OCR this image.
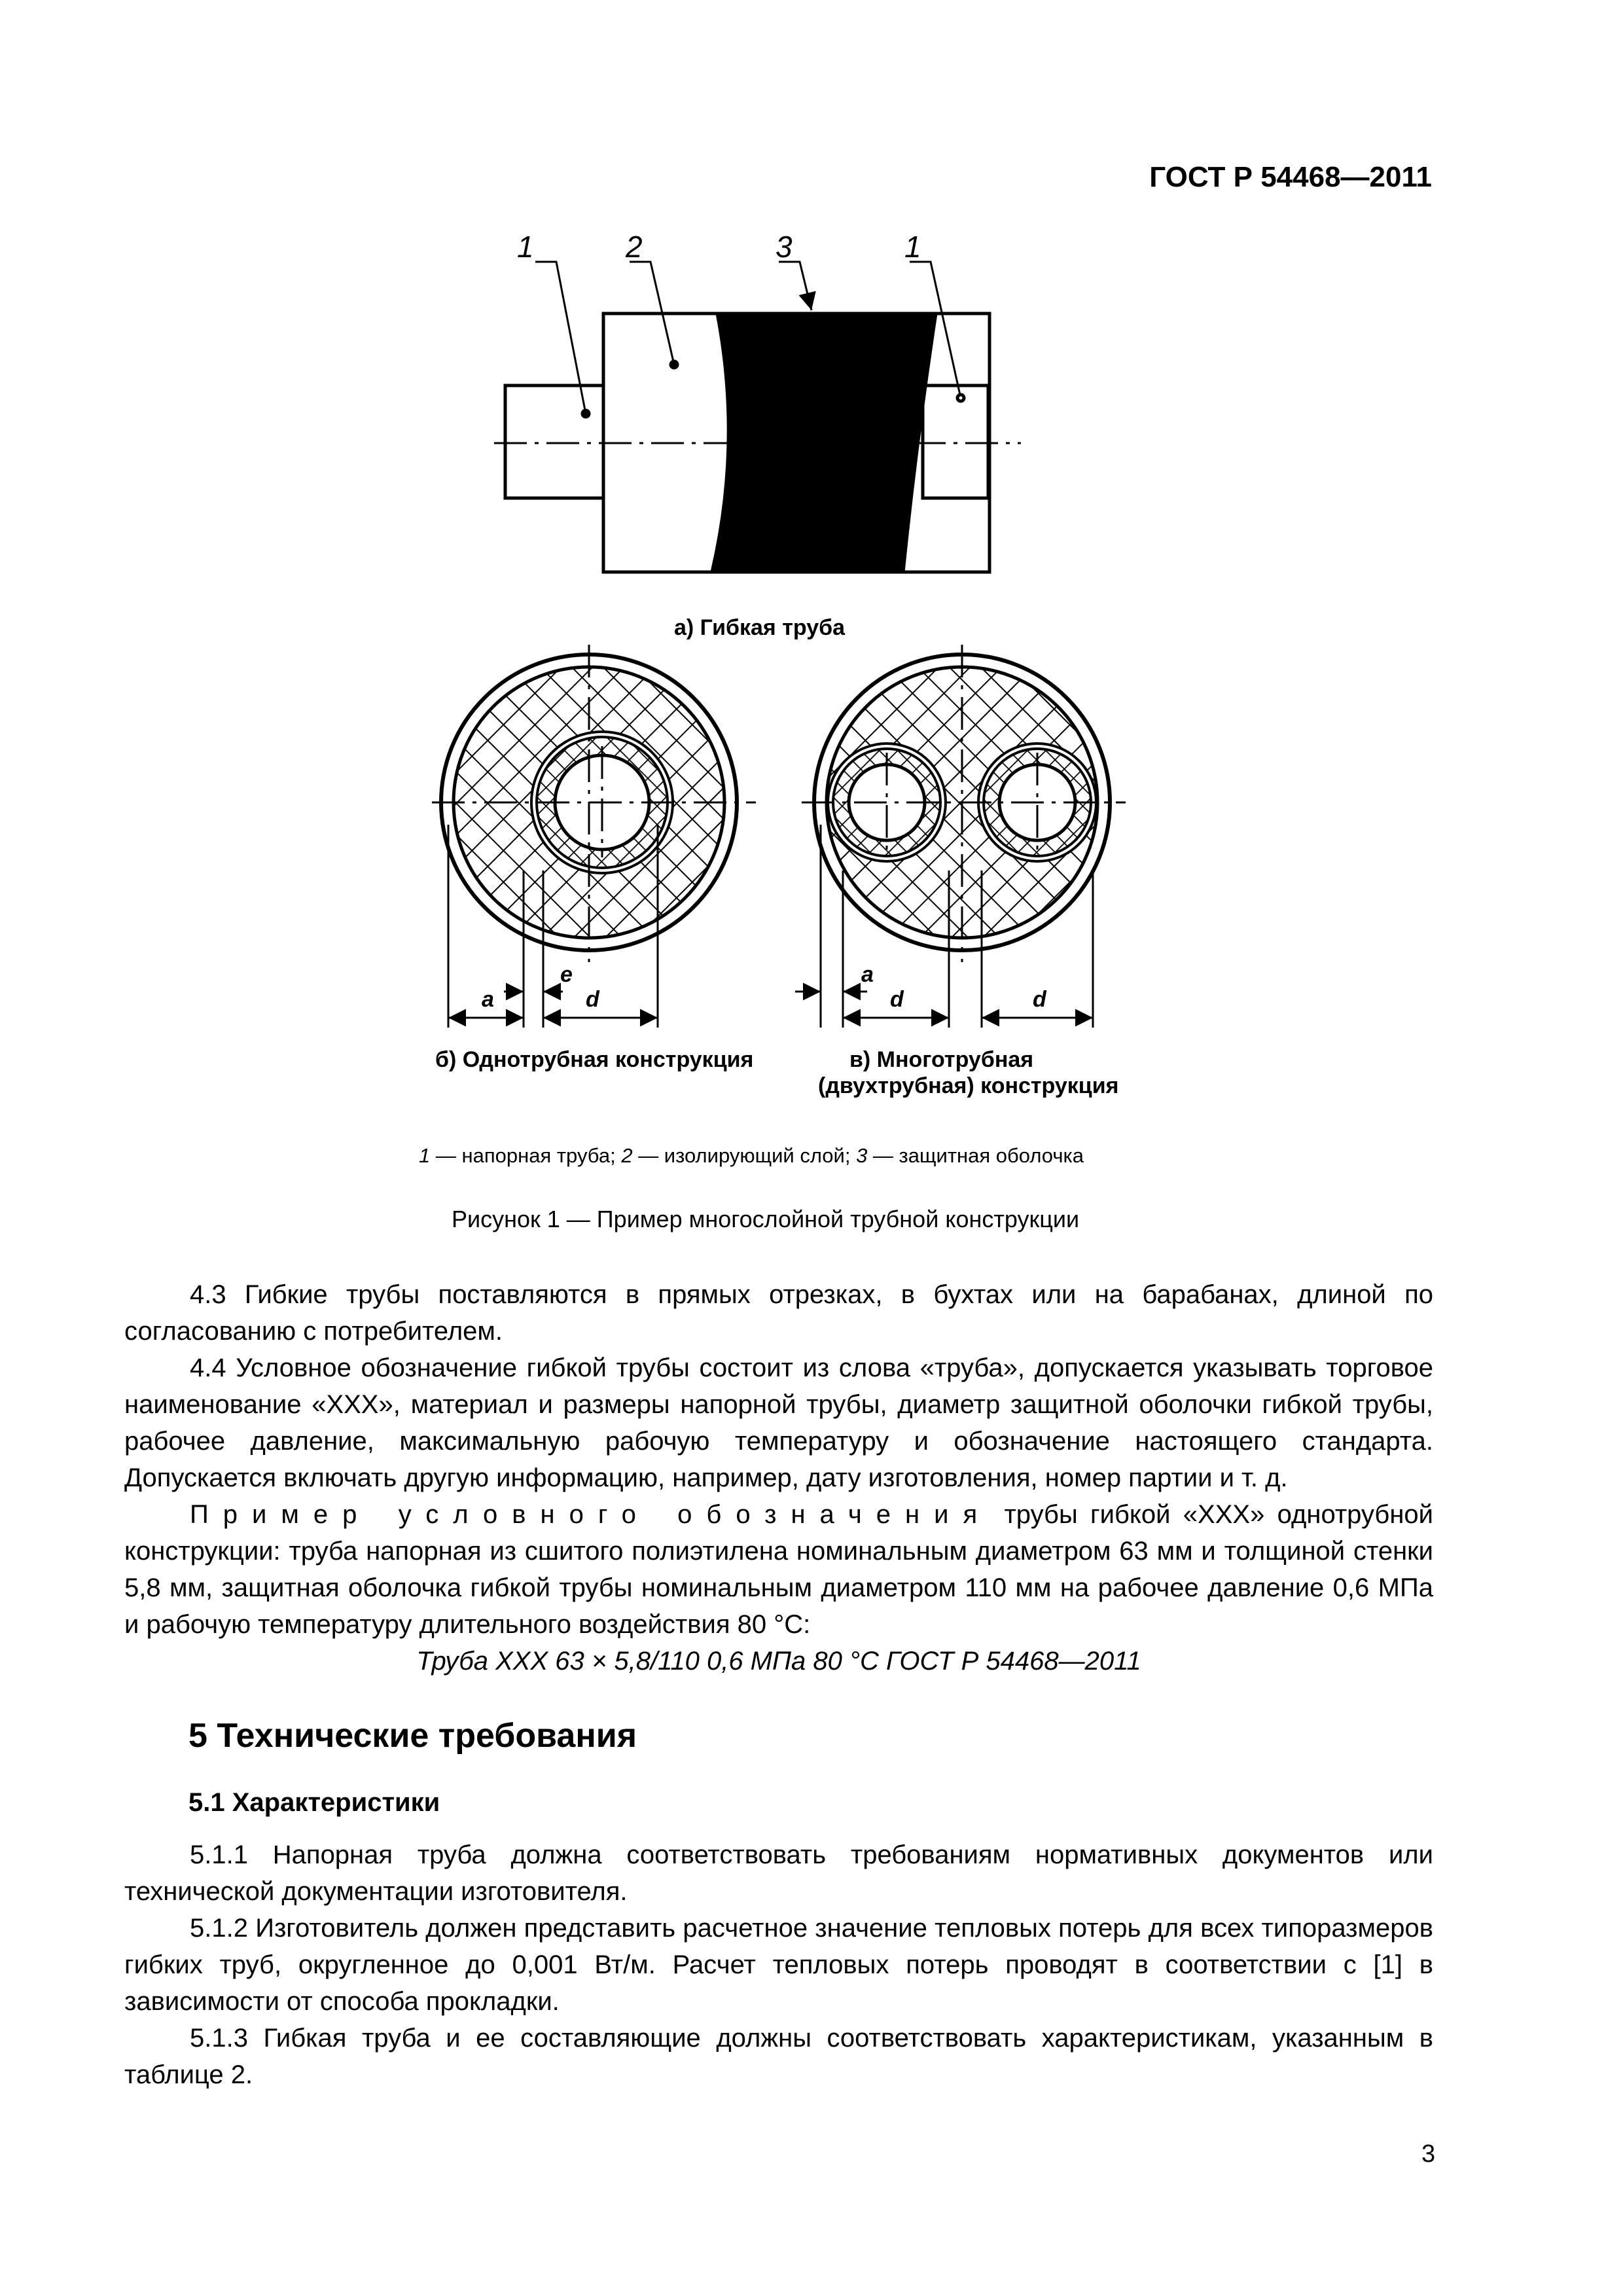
ГОСТ Р 54468—2011
1	2	3	1
e
a	d
a
d	d
а) Гибкая труба
б) Однотрубная конструкция	в) Многотрубная
(двухтрубная) конструкция
1 — напорная труба; 2 — изолирующий слой; 3 — защитная оболочка
Рисунок 1 — Пример многослойной трубной конструкции
4.3 Гибкие трубы поставляются в прямых отрезках, в бухтах или на барабанах, длиной по согласованию с потребителем.
4.4 Условное обозначение гибкой трубы состоит из слова «труба», допускается указывать торговое наименование «XXX», материал и размеры напорной трубы, диаметр защитной оболочки гибкой трубы, рабочее давление, максимальную рабочую температуру и обозначение настоящего стандарта. Допускается включать другую информацию, например, дату изготовления, номер партии и т. д.
Пример условного обозначения трубы гибкой «XXX» однотрубной конструкции: труба напорная из сшитого полиэтилена номинальным диаметром 63 мм и толщиной стенки 5,8 мм, защитная оболочка гибкой трубы номинальным диаметром 110 мм на рабочее давление 0,6 МПа и рабочую температуру длительного воздействия 80 °С:
Труба XXX 63 × 5,8/110 0,6 МПа 80 °С ГОСТ Р 54468—2011
5 Технические требования
5.1 Характеристики
5.1.1 Напорная труба должна соответствовать требованиям нормативных документов или технической документации изготовителя.
5.1.2 Изготовитель должен представить расчетное значение тепловых потерь для всех типоразмеров гибких труб, округленное до 0,001 Вт/м. Расчет тепловых потерь проводят в соответствии с [1] в зависимости от способа прокладки.
5.1.3 Гибкая труба и ее составляющие должны соответствовать характеристикам, указанным в таблице 2.
3
